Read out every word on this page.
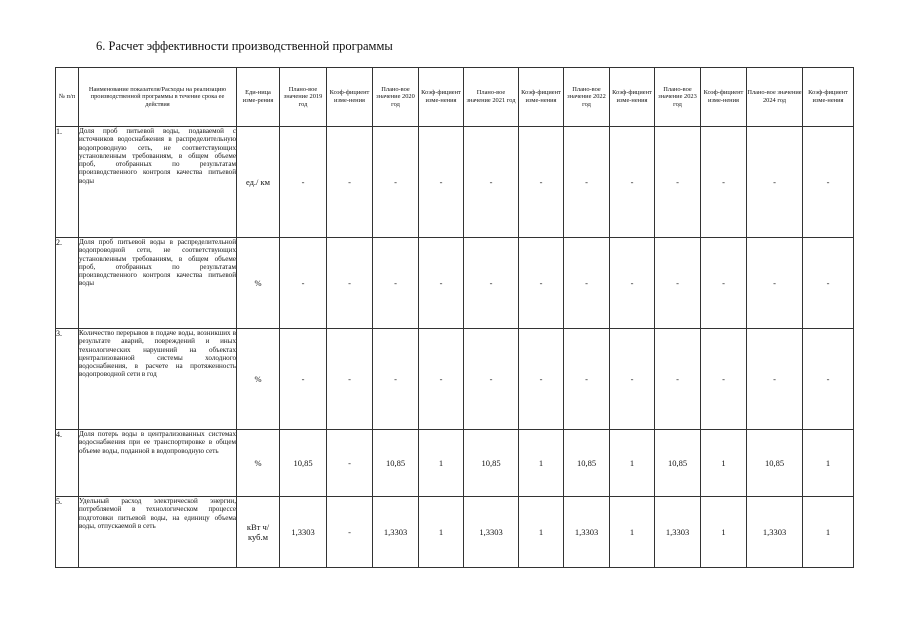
6. Расчет эффективности производственной программы
№ п/п	Наименование показателя/Расходы на реализацию производственной программы в течение срока ее действия	Еди-ница изме-рения	Плано-вое значение 2019 год	Коэф-фициент изме-нения	Плано-вое значение 2020 год	Коэф-фициент изме-нения	Плано-вое значение 2021 год	Коэф-фициент изме-нения	Плано-вое значение 2022 год	Коэф-фициент изме-нения	Плано-вое значение 2023 год	Коэф-фициент изме-нения	Плано-вое значение 2024 год	Коэф-фициент изме-нения
1.	Доля проб питьевой воды, подаваемой с источников водоснабжения в распределительную водопроводную сеть, не соответствующих установленным требованиям, в общем объеме проб, отобранных по результатам производственного контроля качества питьевой воды	ед./ км	-	-	-	-	-	-	-	-	-	-	-	-
2.	Доля проб питьевой воды в распределительной водопроводной сети, не соответствующих установленным требованиям, в общем объеме проб, отобранных по результатам производственного контроля качества питьевой воды	%	-	-	-	-	-	-	-	-	-	-	-	-
3.	Количество перерывов в подаче воды, возникших в результате аварий, повреждений и иных технологических нарушений на объектах централизованной системы холодного водоснабжения, в расчете на протяженность водопроводной сети в год	%	-	-	-	-	-	-	-	-	-	-	-	-
4.	Доля потерь воды в централизованных системах водоснабжения при ее транспортировке в общем объеме воды, поданной в водопроводную сеть	%	10,85	-	10,85	1	10,85	1	10,85	1	10,85	1	10,85	1
5.	Удельный расход электрической энергии, потребляемой в технологическом процессе подготовки питьевой воды, на единицу объема воды, отпускаемой в сеть	кВт ч/куб.м	1,3303	-	1,3303	1	1,3303	1	1,3303	1	1,3303	1	1,3303	1
